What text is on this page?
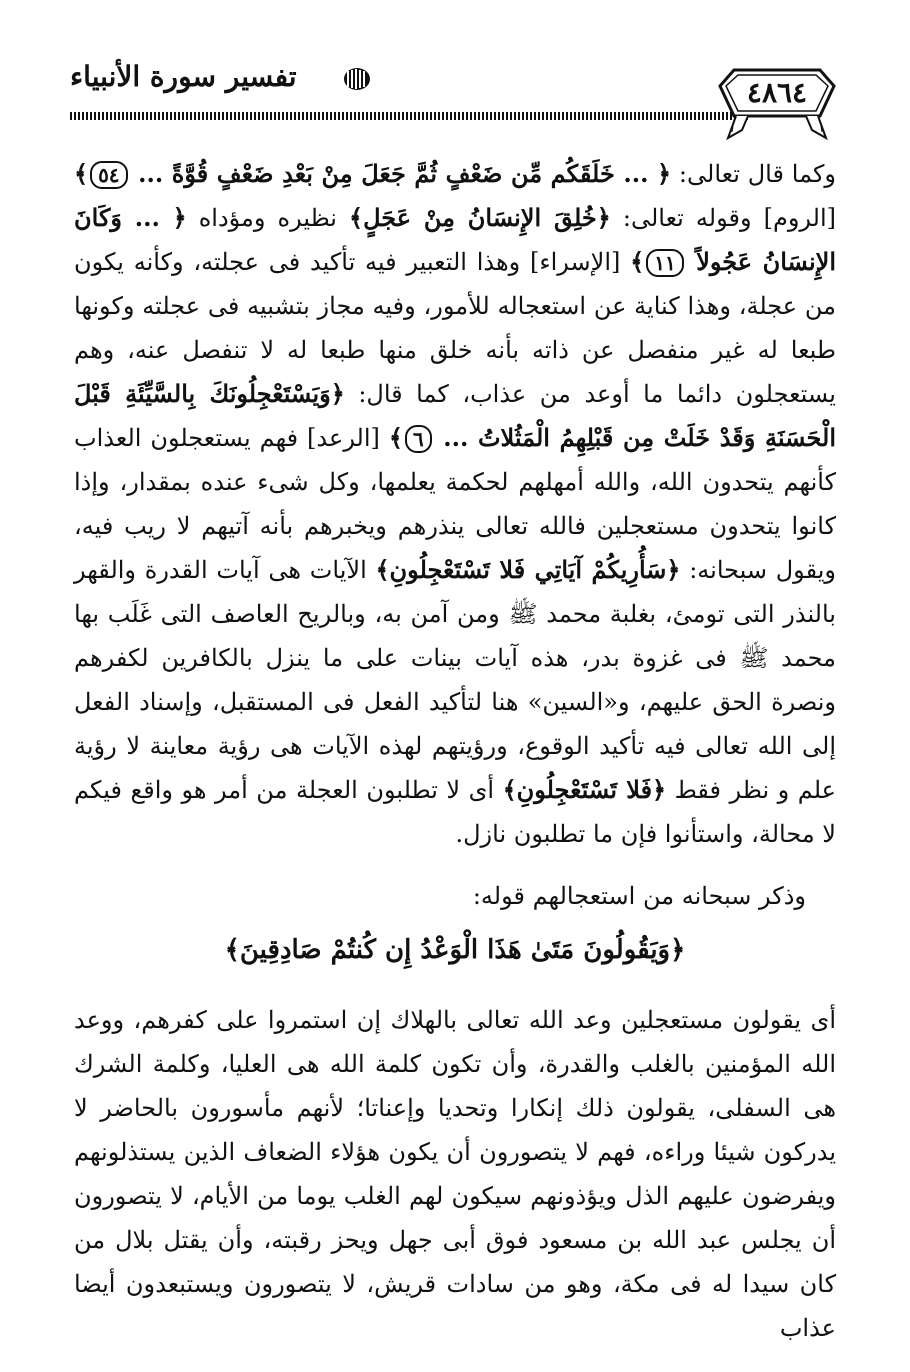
تفسير سورة الأنبياء	٤٨٦٤

وكما قال تعالى: ﴿ ... خَلَقَكُم مِّن ضَعْفٍ ثُمَّ جَعَلَ مِنْ بَعْدِ ضَعْفٍ قُوَّةً ... ٥٤﴾ [الروم] وقوله تعالى: ﴿خُلِقَ الإِنسَانُ مِنْ عَجَلٍ﴾ نظيره ومؤداه ﴿ ... وَكَانَ الإِنسَانُ عَجُولاً ١١﴾ [الإسراء] وهذا التعبير فيه تأكيد فى عجلته، وكأنه يكون من عجلة، وهذا كناية عن استعجاله للأمور، وفيه مجاز بتشبيه فى عجلته وكونها طبعا له غير منفصل عن ذاته بأنه خلق منها طبعا له لا تنفصل عنه، وهم يستعجلون دائما ما أوعد من عذاب، كما قال: ﴿وَيَسْتَعْجِلُونَكَ بِالسَّيِّئَةِ قَبْلَ الْحَسَنَةِ وَقَدْ خَلَتْ مِن قَبْلِهِمُ الْمَثُلاتُ ... ٦﴾ [الرعد] فهم يستعجلون العذاب كأنهم يتحدون الله، والله أمهلهم لحكمة يعلمها، وكل شىء عنده بمقدار، وإذا كانوا يتحدون مستعجلين فالله تعالى ينذرهم ويخبرهم بأنه آتيهم لا ريب فيه، ويقول سبحانه: ﴿سَأُرِيكُمْ آيَاتِي فَلا تَسْتَعْجِلُونِ﴾ الآيات هى آيات القدرة والقهر بالنذر التى تومئ، بغلبة محمد ﷺ ومن آمن به، وبالريح العاصف التى غَلَب بها محمد ﷺ فى غزوة بدر، هذه آيات بينات على ما ينزل بالكافرين لكفرهم ونصرة الحق عليهم، و«السين» هنا لتأكيد الفعل فى المستقبل، وإسناد الفعل إلى الله تعالى فيه تأكيد الوقوع، ورؤيتهم لهذه الآيات هى رؤية معاينة لا رؤية علم و نظر فقط ﴿فَلا تَسْتَعْجِلُونِ﴾ أى لا تطلبون العجلة من أمر هو واقع فيكم لا محالة، واستأنوا فإن ما تطلبون نازل.

وذكر سبحانه من استعجالهم قوله:

﴿وَيَقُولُونَ مَتَىٰ هَذَا الْوَعْدُ إِن كُنتُمْ صَادِقِينَ﴾

أى يقولون مستعجلين وعد الله تعالى بالهلاك إن استمروا على كفرهم، ووعد الله المؤمنين بالغلب والقدرة، وأن تكون كلمة الله هى العليا، وكلمة الشرك هى السفلى، يقولون ذلك إنكارا وتحديا وإعناتا؛ لأنهم مأسورون بالحاضر لا يدركون شيئا وراءه، فهم لا يتصورون أن يكون هؤلاء الضعاف الذين يستذلونهم ويفرضون عليهم الذل ويؤذونهم سيكون لهم الغلب يوما من الأيام، لا يتصورون أن يجلس عبد الله بن مسعود فوق أبى جهل ويحز رقبته، وأن يقتل بلال من كان سيدا له فى مكة، وهو من سادات قريش، لا يتصورون ويستبعدون أيضا عذاب
